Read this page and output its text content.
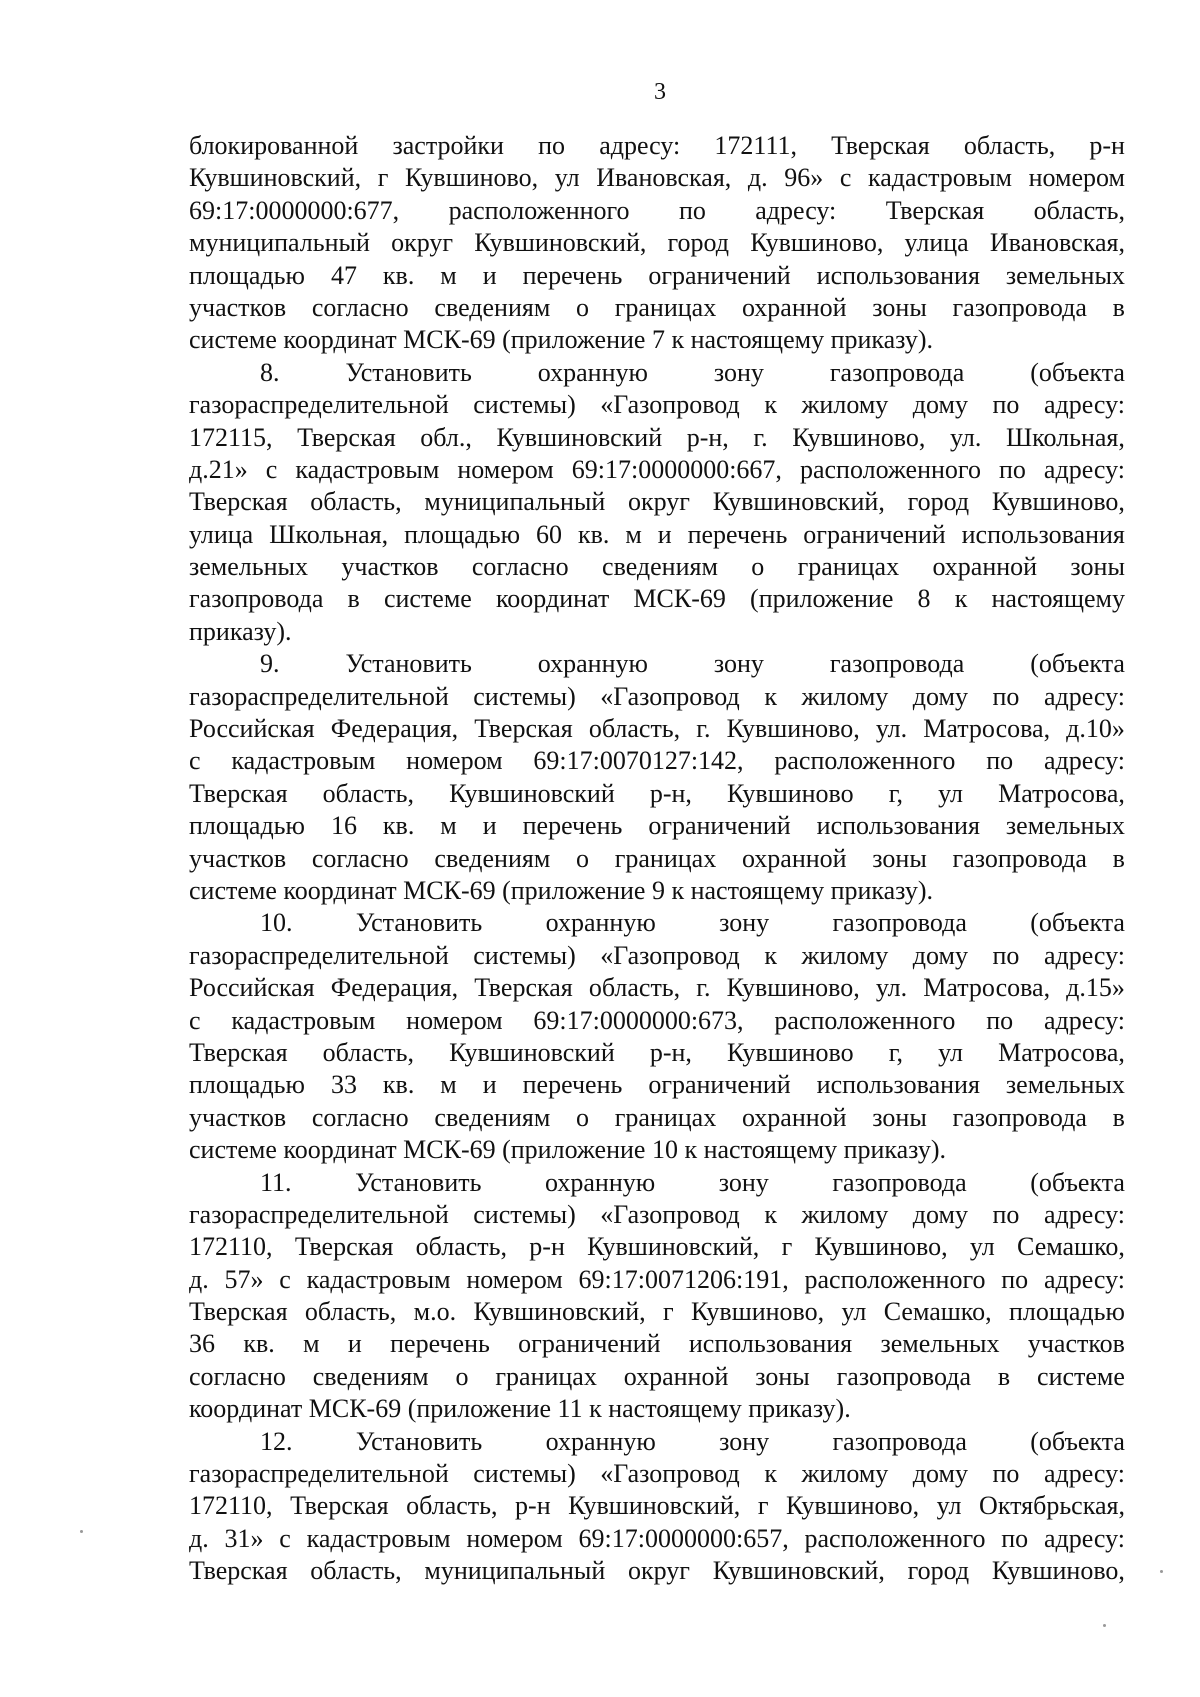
3
блокированной застройки по адресу: 172111, Тверская область, р-н
Кувшиновский, г Кувшиново, ул Ивановская, д. 96» с кадастровым номером
69:17:0000000:677, расположенного по адресу: Тверская область,
муниципальный округ Кувшиновский, город Кувшиново, улица Ивановская,
площадью 47 кв. м и перечень ограничений использования земельных
участков согласно сведениям о границах охранной зоны газопровода в
системе координат МСК-69 (приложение 7 к настоящему приказу).
8.	Установить	охранную	зону	газопровода	(объекта
газораспределительной системы) «Газопровод к жилому дому по адресу:
172115, Тверская обл., Кувшиновский р-н, г. Кувшиново, ул. Школьная,
д.21» с кадастровым номером 69:17:0000000:667, расположенного по адресу:
Тверская область, муниципальный округ Кувшиновский, город Кувшиново,
улица Школьная, площадью 60 кв. м и перечень ограничений использования
земельных участков согласно сведениям о границах охранной зоны
газопровода в системе координат МСК-69 (приложение 8 к настоящему
приказу).
9.	Установить	охранную	зону	газопровода	(объекта
газораспределительной системы) «Газопровод к жилому дому по адресу:
Российская Федерация, Тверская область, г. Кувшиново, ул. Матросова, д.10»
с кадастровым номером 69:17:0070127:142, расположенного по адресу:
Тверская область, Кувшиновский р-н, Кувшиново г, ул Матросова,
площадью 16 кв. м и перечень ограничений использования земельных
участков согласно сведениям о границах охранной зоны газопровода в
системе координат МСК-69 (приложение 9 к настоящему приказу).
10. Установить охранную зону газопровода (объекта
газораспределительной системы) «Газопровод к жилому дому по адресу:
Российская Федерация, Тверская область, г. Кувшиново, ул. Матросова, д.15»
с кадастровым номером 69:17:0000000:673, расположенного по адресу:
Тверская область, Кувшиновский р-н, Кувшиново г, ул Матросова,
площадью 33 кв. м и перечень ограничений использования земельных
участков согласно сведениям о границах охранной зоны газопровода в
системе координат МСК-69 (приложение 10 к настоящему приказу).
11. Установить охранную зону газопровода (объекта
газораспределительной системы) «Газопровод к жилому дому по адресу:
172110, Тверская область, р-н Кувшиновский, г Кувшиново, ул Семашко,
д. 57» с кадастровым номером 69:17:0071206:191, расположенного по адресу:
Тверская область, м.о. Кувшиновский, г Кувшиново, ул Семашко, площадью
36 кв. м и перечень ограничений использования земельных участков
согласно сведениям о границах охранной зоны газопровода в системе
координат МСК-69 (приложение 11 к настоящему приказу).
12. Установить охранную зону газопровода (объекта
газораспределительной системы) «Газопровод к жилому дому по адресу:
172110, Тверская область, р-н Кувшиновский, г Кувшиново, ул Октябрьская,
д. 31» с кадастровым номером 69:17:0000000:657, расположенного по адресу:
Тверская область, муниципальный округ Кувшиновский, город Кувшиново,
